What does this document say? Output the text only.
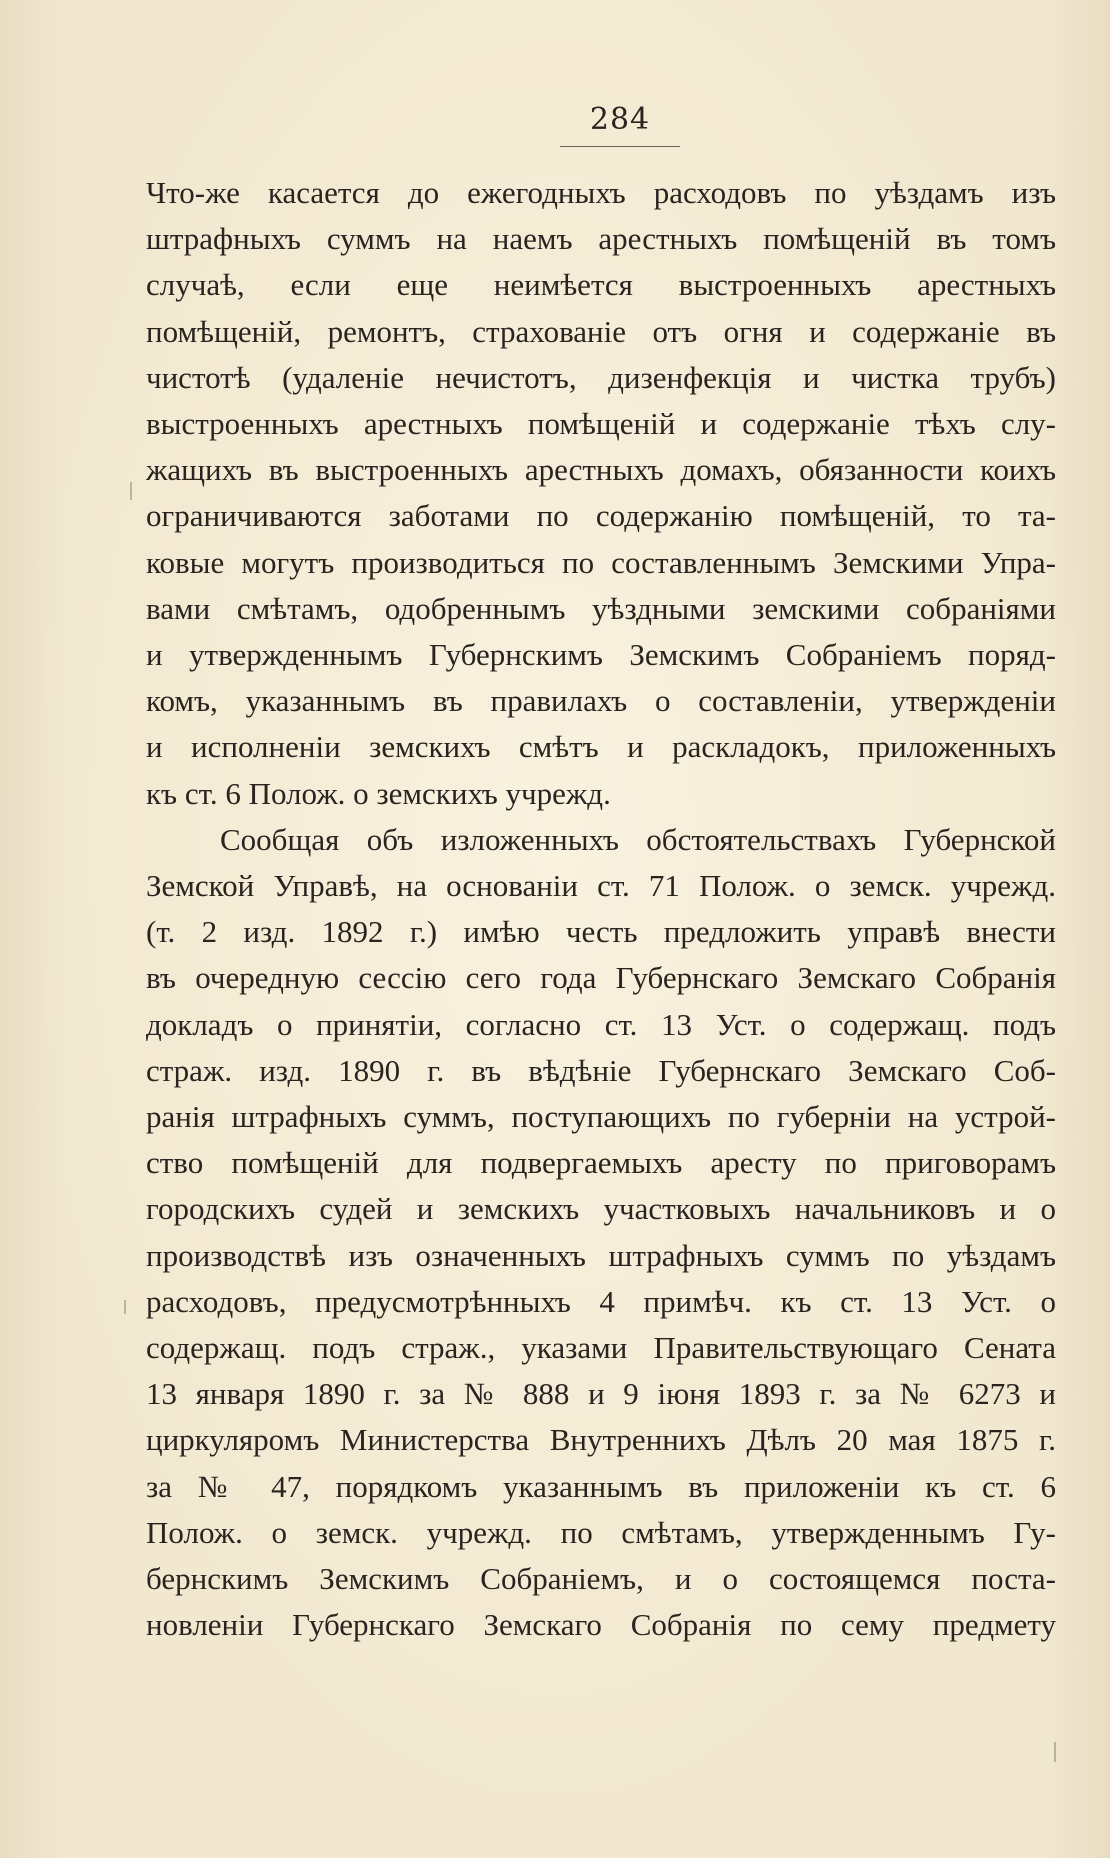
284
Что-же касается до ежегодныхъ расходовъ по уѣздамъ изъ
штрафныхъ суммъ на наемъ арестныхъ помѣщеній въ томъ
случаѣ, если еще неимѣется выстроенныхъ арестныхъ
помѣщеній, ремонтъ, страхованіе отъ огня и содержаніе въ
чистотѣ (удаленіе нечистотъ, дизенфекція и чистка трубъ)
выстроенныхъ арестныхъ помѣщеній и содержаніе тѣхъ слу-
жащихъ въ выстроенныхъ арестныхъ домахъ, обязанности коихъ
ограничиваются заботами по содержанію помѣщеній, то та-
ковые могутъ производиться по составленнымъ Земскими Упра-
вами смѣтамъ, одобреннымъ уѣздными земскими собраніями
и утвержденнымъ Губернскимъ Земскимъ Собраніемъ поряд-
комъ, указаннымъ въ правилахъ о составленіи, утвержденіи
и исполненіи земскихъ смѣтъ и раскладокъ, приложенныхъ
къ ст. 6 Полож. о земскихъ учрежд.
Сообщая объ изложенныхъ обстоятельствахъ Губернской
Земской Управѣ, на основаніи ст. 71 Полож. о земск. учрежд.
(т. 2 изд. 1892 г.) имѣю честь предложить управѣ внести
въ очередную сессію сего года Губернскаго Земскаго Собранія
докладъ о принятіи, согласно ст. 13 Уст. о содержащ. подъ
страж. изд. 1890 г. въ вѣдѣніе Губернскаго Земскаго Соб-
ранія штрафныхъ суммъ, поступающихъ по губерніи на устрой-
ство помѣщеній для подвергаемыхъ аресту по приговорамъ
городскихъ судей и земскихъ участковыхъ начальниковъ и о
производствѣ изъ означенныхъ штрафныхъ суммъ по уѣздамъ
расходовъ, предусмотрѣнныхъ 4 примѣч. къ ст. 13 Уст. о
содержащ. подъ страж., указами Правительствующаго Сената
13 января 1890 г. за № 888 и 9 іюня 1893 г. за № 6273 и
циркуляромъ Министерства Внутреннихъ Дѣлъ 20 мая 1875 г.
за № 47, порядкомъ указаннымъ въ приложеніи къ ст. 6
Полож. о земск. учрежд. по смѣтамъ, утвержденнымъ Гу-
бернскимъ Земскимъ Собраніемъ, и о состоящемся поста-
новленіи Губернскаго Земскаго Собранія по сему предмету
